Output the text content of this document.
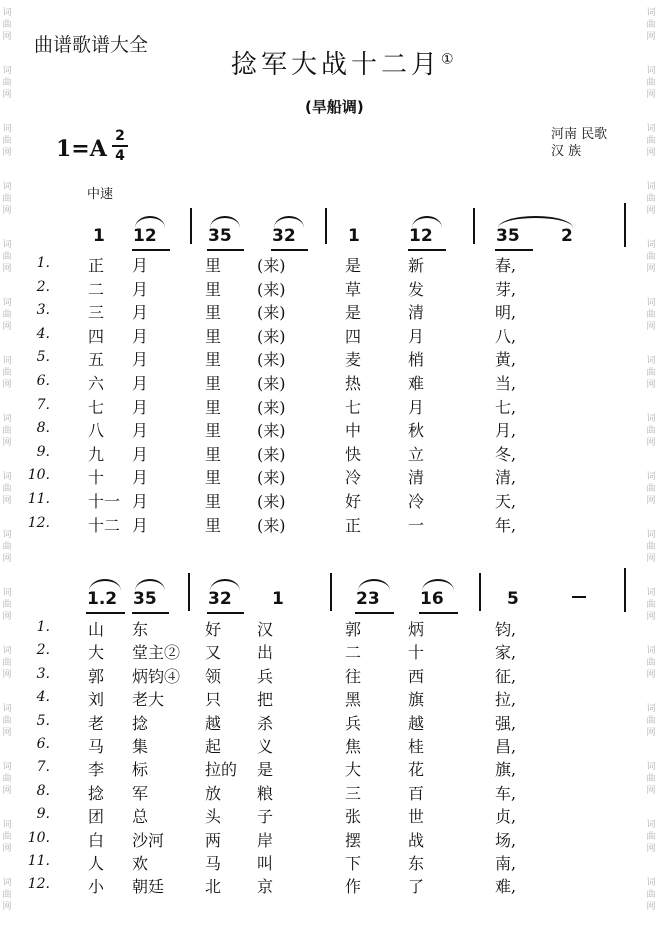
曲谱歌谱大全
捻军大战十二月①
(旱船调)
1=A 2
4
河南 民歌
汉 族
中速
词	词
曲	曲
网	网
词	词
曲	曲
网	网
词	词
曲	曲
网	网
词	词
曲	曲
网	网
词	词
曲	曲
网	网
词	词
曲	曲
网	网
词	词
曲	曲
网	网
词	词
曲	曲
网	网
词	词
曲	曲
网	网
词	词
曲	曲
网	网
词	词
曲	曲
网	网
词	词
曲	曲
网	网
词	词
曲	曲
网	网
词	词
曲	曲
网	网
词	词
曲	曲
网	网
词	词
曲	曲
网	网
1 12	35 32	1	12	35 2
1. 正	月	里	(来)	是	新	春,
2. 二	月	里	(来)	草	发	芽,
3. 三	月	里	(来)	是	清	明,
4. 四	月	里	(来)	四	月	八,
5. 五	月	里	(来)	麦	梢	黄,
6. 六	月	里	(来)	热	难	当,
7. 七	月	里	(来)	七	月	七,
8. 八	月	里	(来)	中	秋	月,
9. 九	月	里	(来)	快	立	冬,
10. 十	月	里	(来)	冷	清	清,
11. 十一 月	里	(来)	好	冷	天,
12. 十二 月	里	(来)	正	一	年,
1.2 35	32 1	23 16	5
1. 山	东	好	汉	郭	炳	钧,
2. 大	堂主②	又	出	二	十	家,
3. 郭	炳钧④	领	兵	往	西	征,
4. 刘	老大	只	把	黑	旗	拉,
5. 老	捻	越	杀	兵	越	强,
6. 马	集	起	义	焦	桂	昌,
7. 李	标	拉的	是	大	花	旗,
8. 捻	军	放	粮	三	百	车,
9. 团	总	头	子	张	世	贞,
10. 白	沙河	两	岸	摆	战	场,
11. 人	欢	马	叫	下	东	南,
12. 小	朝廷	北	京	作	了	难,
